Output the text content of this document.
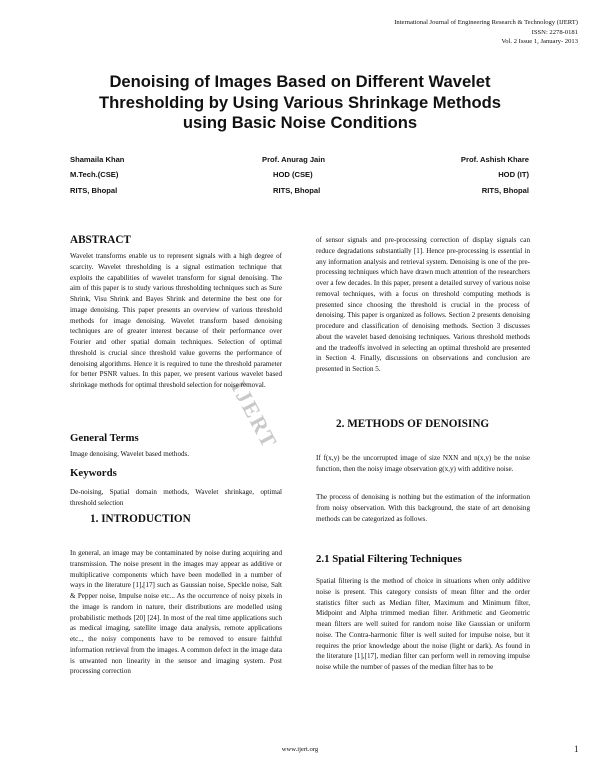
International Journal of Engineering Research & Technology (IJERT)
ISSN: 2278-0181
Vol. 2 Issue 1, January- 2013
Denoising of Images Based on Different Wavelet
Thresholding by Using Various Shrinkage Methods
using Basic Noise Conditions
Shamaila Khan
M.Tech.(CSE)
RITS, Bhopal
Prof. Anurag Jain
HOD (CSE)
RITS, Bhopal
Prof. Ashish Khare
HOD (IT)
RITS, Bhopal
IJERT
ABSTRACT
Wavelet transforms enable us to represent signals with a high degree of scarcity. Wavelet thresholding is a signal estimation technique that exploits the capabilities of wavelet transform for signal denoising. The aim of this paper is to study various thresholding techniques such as Sure Shrink, Visu Shrink and Bayes Shrink and determine the best one for image denoising. This paper presents an overview of various threshold methods for image denoising. Wavelet transform based denoising techniques are of greater interest because of their performance over Fourier and other spatial domain techniques. Selection of optimal threshold is crucial since threshold value governs the performance of denoising algorithms. Hence it is required to tune the threshold parameter for better PSNR values. In this paper, we present various wavelet based shrinkage methods for optimal threshold selection for noise removal.
General Terms
Image denoising, Wavelet based methods.
Keywords
De-noising, Spatial domain methods, Wavelet shrinkage, optimal threshold selection
1. INTRODUCTION
In general, an image may be contaminated by noise during acquiring and transmission. The noise present in the images may appear as additive or multiplicative components which have been modelled in a number of ways in the literature [1],[17] such as Gaussian noise, Speckle noise, Salt & Pepper noise, Impulse noise etc... As the occurrence of noisy pixels in the image is random in nature, their distributions are modelled using probabilistic methods [20] [24]. In most of the real time applications such as medical imaging, satellite image data analysis, remote applications etc.., the noisy components have to be removed to ensure faithful information retrieval from the images. A common defect in the image data is unwanted non linearity in the sensor and imaging system. Post processing correction
of sensor signals and pre-processing correction of display signals can reduce degradations substantially [1]. Hence pre-processing is essential in any information analysis and retrieval system. Denoising is one of the pre-processing techniques which have drawn much attention of the researchers over a few decades. In this paper, present a detailed survey of various noise removal techniques, with a focus on threshold computing methods is presented since choosing the threshold is crucial in the process of denoising. This paper is organized as follows. Section 2 presents denoising procedure and classification of denoising methods. Section 3 discusses about the wavelet based denoising techniques. Various threshold methods and the tradeoffs involved in selecting an optimal threshold are presented in Section 4. Finally, discussions on observations and conclusion are presented in Section 5.
2. METHODS OF DENOISING
If f(x,y) be the uncorrupted image of size NXN and n(x,y) be the noise function, then the noisy image observation g(x,y) with additive noise.
The process of denoising is nothing but the estimation of the information from noisy observation. With this background, the state of art denoising methods can be categorized as follows.
2.1 Spatial Filtering Techniques
Spatial filtering is the method of choice in situations when only additive noise is present. This category consists of mean filter and the order statistics filter such as Median filter, Maximum and Minimum filter, Midpoint and Alpha trimmed median filter. Arithmetic and Geometric mean filters are well suited for random noise like Gaussian or uniform noise. The Contra-harmonic filter is well suited for impulse noise, but it requires the prior knowledge about the noise (light or dark). As found in the literature [1],[17], median filter can perform well in removing impulse noise while the number of passes of the median filter has to be
www.ijert.org	1
